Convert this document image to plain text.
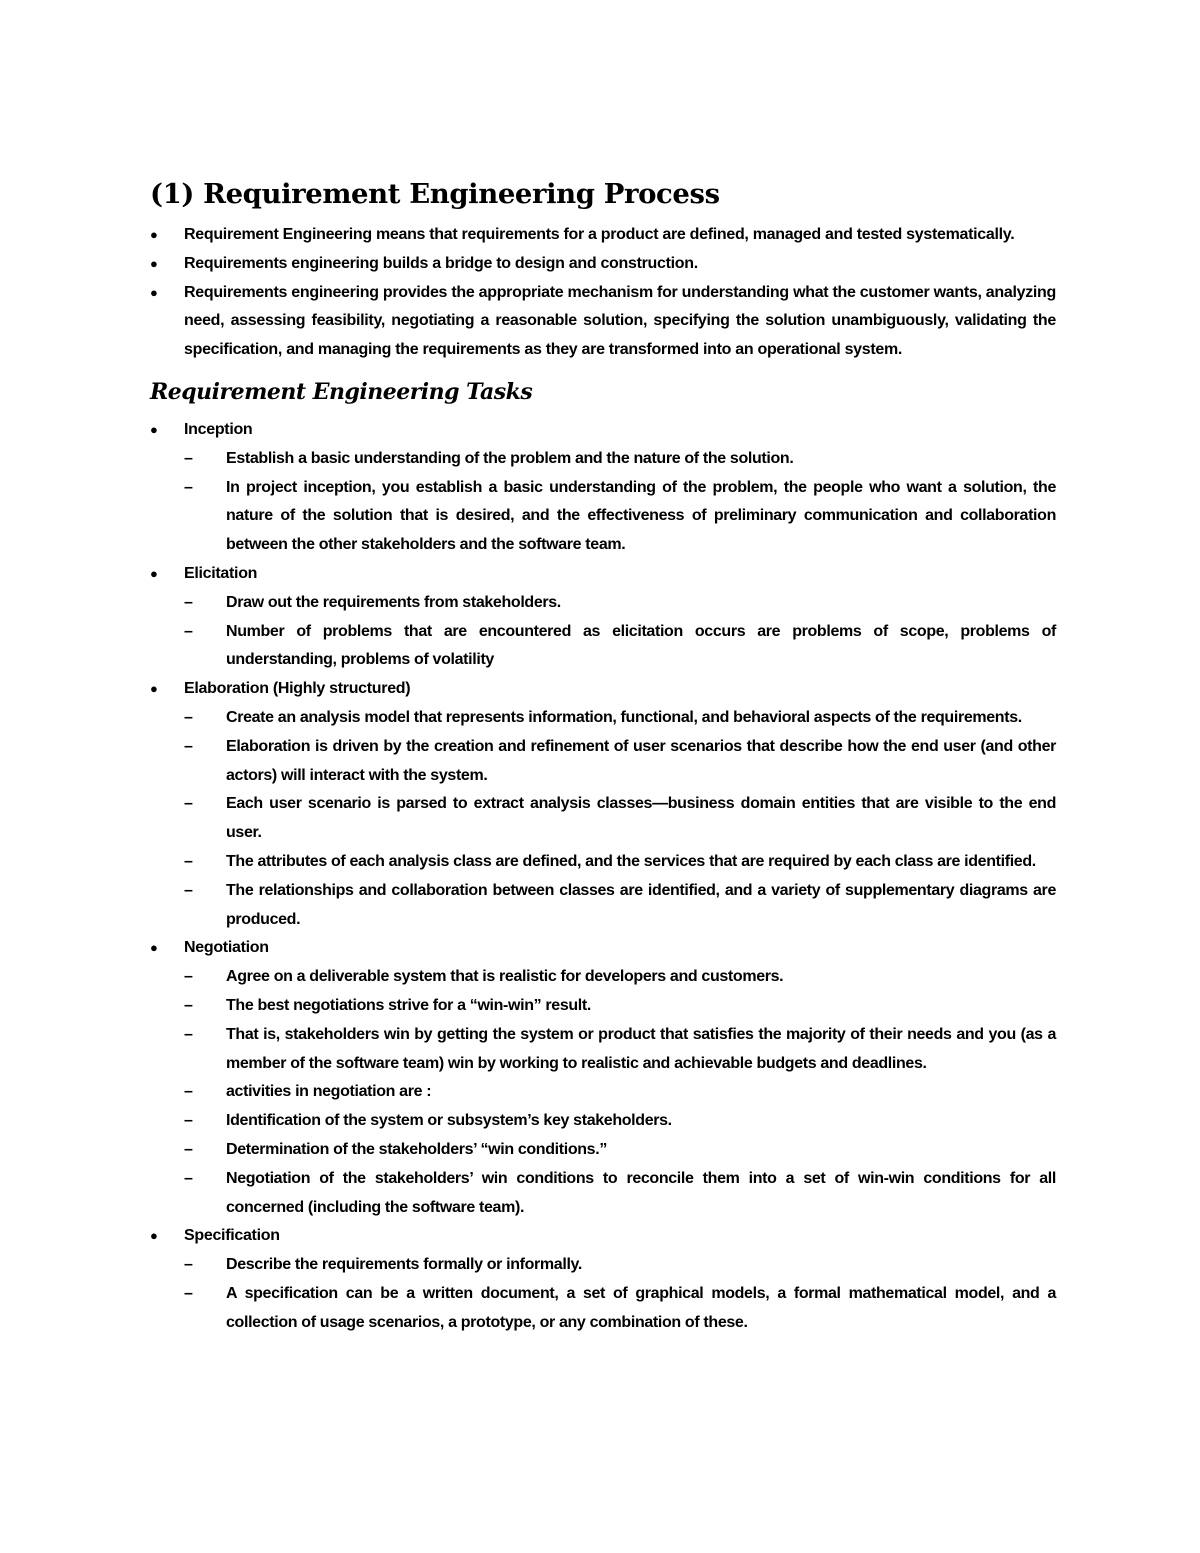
(1) Requirement Engineering Process
●
Requirement Engineering means that requirements for a product are defined, managed and tested systematically.
●
Requirements engineering builds a bridge to design and construction.
●
Requirements engineering provides the appropriate mechanism for understanding what the customer wants, analyzing need, assessing feasibility, negotiating a reasonable solution, specifying the solution unambiguously, validating the specification, and managing the requirements as they are transformed into an operational system.
Requirement Engineering Tasks
●
Inception
–
Establish a basic understanding of the problem and the nature of the solution.
–
In project inception, you establish a basic understanding of the problem, the people who want a solution, the nature of the solution that is desired, and the effectiveness of preliminary communication and collaboration between the other stakeholders and the software team.
●
Elicitation
–
Draw out the requirements from stakeholders.
–
Number of problems that are encountered as elicitation occurs are problems of scope, problems of understanding, problems of volatility
●
Elaboration (Highly structured)
–
Create an analysis model that represents information, functional, and behavioral aspects of the requirements.
–
Elaboration is driven by the creation and refinement of user scenarios that describe how the end user (and other actors) will interact with the system.
–
Each user scenario is parsed to extract analysis classes—business domain entities that are visible to the end user.
–
The attributes of each analysis class are defined, and the services that are required by each class are identified.
–
The relationships and collaboration between classes are identified, and a variety of supplementary diagrams are produced.
●
Negotiation
–
Agree on a deliverable system that is realistic for developers and customers.
–
The best negotiations strive for a “win-win” result.
–
That is, stakeholders win by getting the system or product that satisfies the majority of their needs and you (as a member of the software team) win by working to realistic and achievable budgets and deadlines.
–
activities in negotiation are :
–
Identification of the system or subsystem’s key stakeholders.
–
Determination of the stakeholders’ “win conditions.”
–
Negotiation of the stakeholders’ win conditions to reconcile them into a set of win-win conditions for all concerned (including the software team).
●
Specification
–
Describe the requirements formally or informally.
–
A specification can be a written document, a set of graphical models, a formal mathematical model, and a collection of usage scenarios, a prototype, or any combination of these.
